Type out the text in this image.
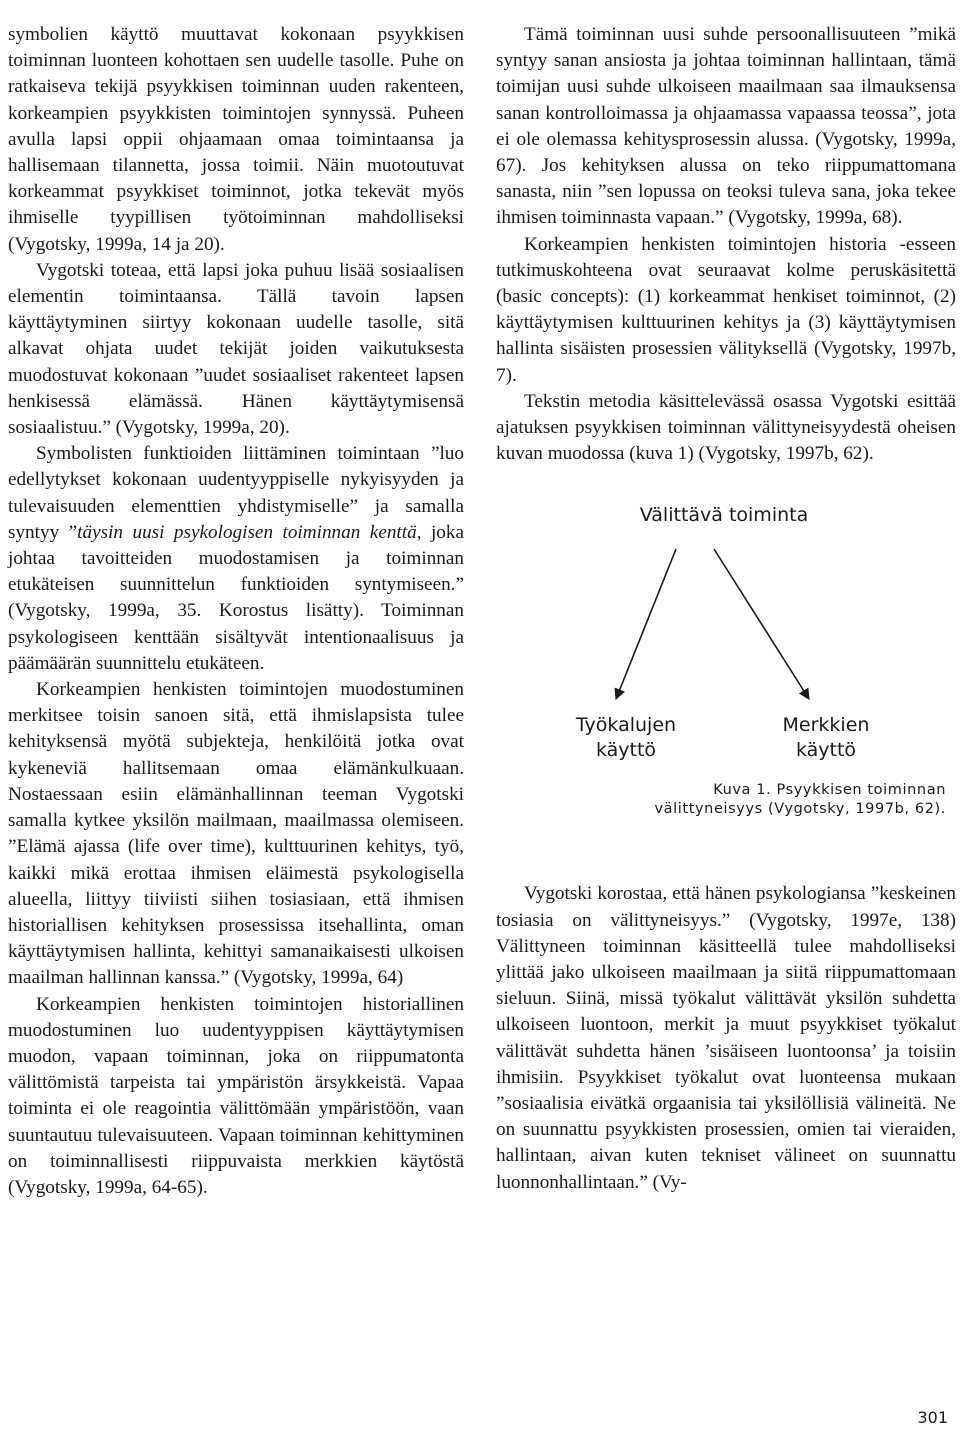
symbolien käyttö muuttavat kokonaan psyykkisen toiminnan luonteen kohottaen sen uudelle tasolle. Puhe on ratkaiseva tekijä psyykkisen toiminnan uuden rakenteen, korkeampien psyykkisten toimintojen synnyssä. Puheen avulla lapsi oppii ohjaamaan omaa toimintaansa ja hallisemaan tilannetta, jossa toimii. Näin muotoutuvat korkeammat psyykkiset toiminnot, jotka tekevät myös ihmiselle tyypillisen työtoiminnan mahdolliseksi (Vygotsky, 1999a, 14 ja 20).

Vygotski toteaa, että lapsi joka puhuu lisää sosiaalisen elementin toimintaansa. Tällä tavoin lapsen käyttäytyminen siirtyy kokonaan uudelle tasolle, sitä alkavat ohjata uudet tekijät joiden vaikutuksesta muodostuvat kokonaan ”uudet sosiaaliset rakenteet lapsen henkisessä elämässä. Hänen käyttäytymisensä sosiaalistuu.” (Vygotsky, 1999a, 20).

Symbolisten funktioiden liittäminen toimintaan ”luo edellytykset kokonaan uudentyyppiselle nykyisyyden ja tulevaisuuden elementtien yhdistymiselle” ja samalla syntyy ”täysin uusi psykologisen toiminnan kenttä, joka johtaa tavoitteiden muodostamisen ja toiminnan etukäteisen suunnittelun funktioiden syntymiseen.” (Vygotsky, 1999a, 35. Korostus lisätty). Toiminnan psykologiseen kenttään sisältyvät intentionaalisuus ja päämäärän suunnittelu etukäteen.

Korkeampien henkisten toimintojen muodostuminen merkitsee toisin sanoen sitä, että ihmislapsista tulee kehityksensä myötä subjekteja, henkilöitä jotka ovat kykeneviä hallitsemaan omaa elämänkulkuaan. Nostaessaan esiin elämänhallinnan teeman Vygotski samalla kytkee yksilön mailmaan, maailmassa olemiseen. ”Elämä ajassa (life over time), kulttuurinen kehitys, työ, kaikki mikä erottaa ihmisen eläimestä psykologisella alueella, liittyy tiiviisti siihen tosiasiaan, että ihmisen historiallisen kehityksen prosessissa itsehallinta, oman käyttäytymisen hallinta, kehittyi samanaikaisesti ulkoisen maailman hallinnan kanssa.” (Vygotsky, 1999a, 64)

Korkeampien henkisten toimintojen historiallinen muodostuminen luo uudentyyppisen käyttäytymisen muodon, vapaan toiminnan, joka on riippumatonta välittömistä tarpeista tai ympäristön ärsykkeistä. Vapaa toiminta ei ole reagointia välittömään ympäristöön, vaan suuntautuu tulevaisuuteen. Vapaan toiminnan kehittyminen on toiminnallisesti riippuvaista merkkien käytöstä (Vygotsky, 1999a, 64-65).

Tämä toiminnan uusi suhde persoonallisuuteen ”mikä syntyy sanan ansiosta ja johtaa toiminnan hallintaan, tämä toimijan uusi suhde ulkoiseen maailmaan saa ilmauksensa sanan kontrolloimassa ja ohjaamassa vapaassa teossa”, jota ei ole olemassa kehitysprosessin alussa. (Vygotsky, 1999a, 67). Jos kehityksen alussa on teko riippumattomana sanasta, niin ”sen lopussa on teoksi tuleva sana, joka tekee ihmisen toiminnasta vapaan.” (Vygotsky, 1999a, 68).

Korkeampien henkisten toimintojen historia -esseen tutkimuskohteena ovat seuraavat kolme peruskäsitettä (basic concepts): (1) korkeammat henkiset toiminnot, (2) käyttäytymisen kulttuurinen kehitys ja (3) käyttäytymisen hallinta sisäisten prosessien välityksellä (Vygotsky, 1997b, 7).

Tekstin metodia käsittelevässä osassa Vygotski esittää ajatuksen psyykkisen toiminnan välittyneisyydestä oheisen kuvan muodossa (kuva 1) (Vygotsky, 1997b, 62).

Välittävä toiminta
Työkalujen
käyttö
Merkkien
käyttö
Kuva 1. Psyykkisen toiminnan
välittyneisyys (Vygotsky, 1997b, 62).

Vygotski korostaa, että hänen psykologiansa ”keskeinen tosiasia on välittyneisyys.” (Vygotsky, 1997e, 138) Välittyneen toiminnan käsitteellä tulee mahdolliseksi ylittää jako ulkoiseen maailmaan ja siitä riippumattomaan sieluun. Siinä, missä työkalut välittävät yksilön suhdetta ulkoiseen luontoon, merkit ja muut psyykkiset työkalut välittävät suhdetta hänen ’sisäiseen luontoonsa’ ja toisiin ihmisiin. Psyykkiset työkalut ovat luonteensa mukaan ”sosiaalisia eivätkä orgaanisia tai yksilöllisiä välineitä. Ne on suunnattu psyykkisten prosessien, omien tai vieraiden, hallintaan, aivan kuten tekniset välineet on suunnattu luonnonhallintaan.” (Vy-

301
